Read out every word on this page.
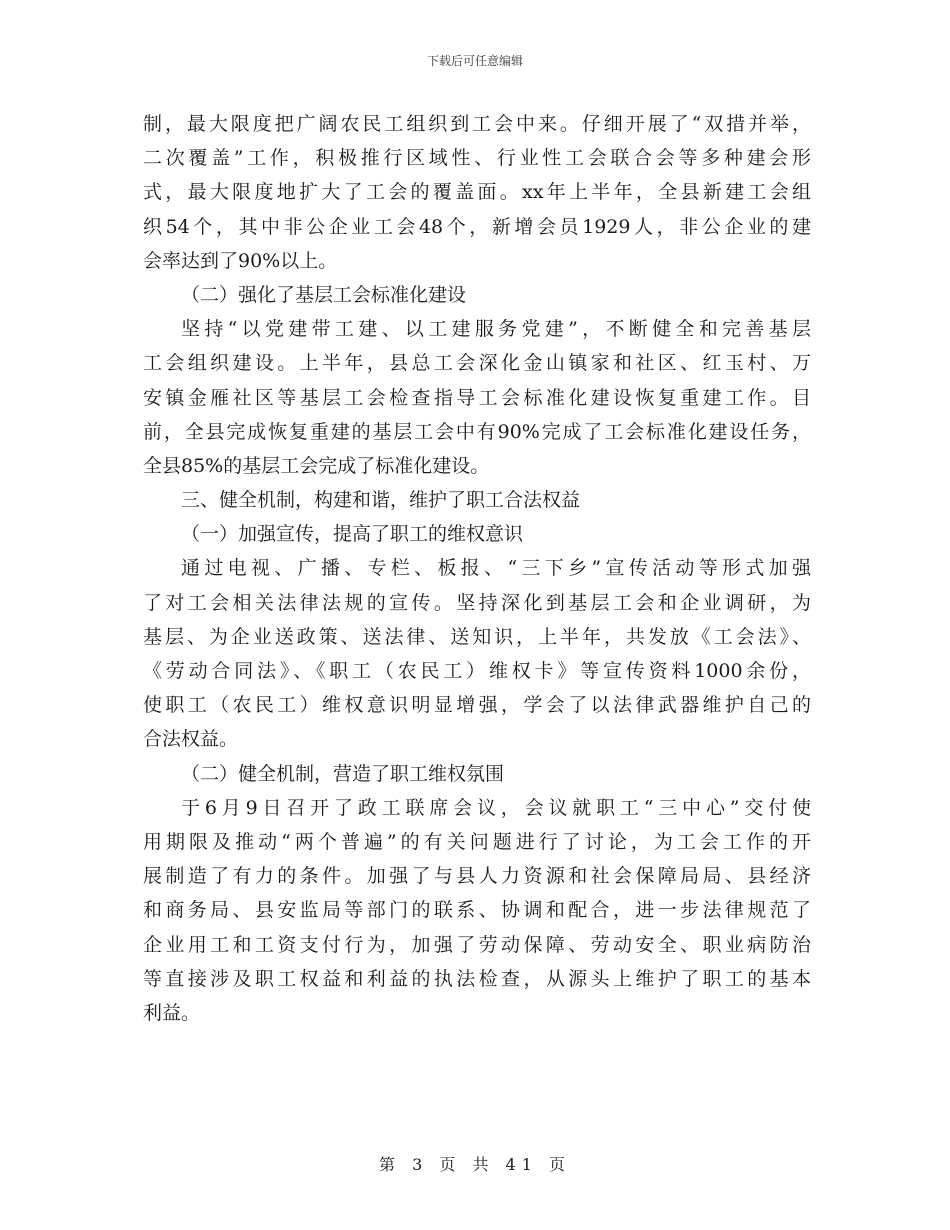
下载后可任意编辑
制，最大限度把广阔农民工组织到工会中来。仔细开展了“双措并举，
二次覆盖”工作，积极推行区域性、行业性工会联合会等多种建会形
式，最大限度地扩大了工会的覆盖面。xx年上半年，全县新建工会组
织54个，其中非公企业工会48个，新增会员1929人，非公企业的建
会率达到了90%以上。
（二）强化了基层工会标准化建设
坚持“以党建带工建、以工建服务党建”，不断健全和完善基层
工会组织建设。上半年，县总工会深化金山镇家和社区、红玉村、万
安镇金雁社区等基层工会检查指导工会标准化建设恢复重建工作。目
前，全县完成恢复重建的基层工会中有90%完成了工会标准化建设任务，
全县85%的基层工会完成了标准化建设。
三、健全机制，构建和谐，维护了职工合法权益
（一）加强宣传，提高了职工的维权意识
通过电视、广播、专栏、板报、“三下乡”宣传活动等形式加强
了对工会相关法律法规的宣传。坚持深化到基层工会和企业调研，为
基层、为企业送政策、送法律、送知识，上半年，共发放《工会法》、
《劳动合同法》、《职工（农民工）维权卡》等宣传资料1000余份，
使职工（农民工）维权意识明显增强，学会了以法律武器维护自己的
合法权益。
（二）健全机制，营造了职工维权氛围
于6月9日召开了政工联席会议，会议就职工“三中心”交付使
用期限及推动“两个普遍”的有关问题进行了讨论，为工会工作的开
展制造了有力的条件。加强了与县人力资源和社会保障局局、县经济
和商务局、县安监局等部门的联系、协调和配合，进一步法律规范了
企业用工和工资支付行为，加强了劳动保障、劳动安全、职业病防治
等直接涉及职工权益和利益的执法检查，从源头上维护了职工的基本
利益。
第 3 页 共 41 页
